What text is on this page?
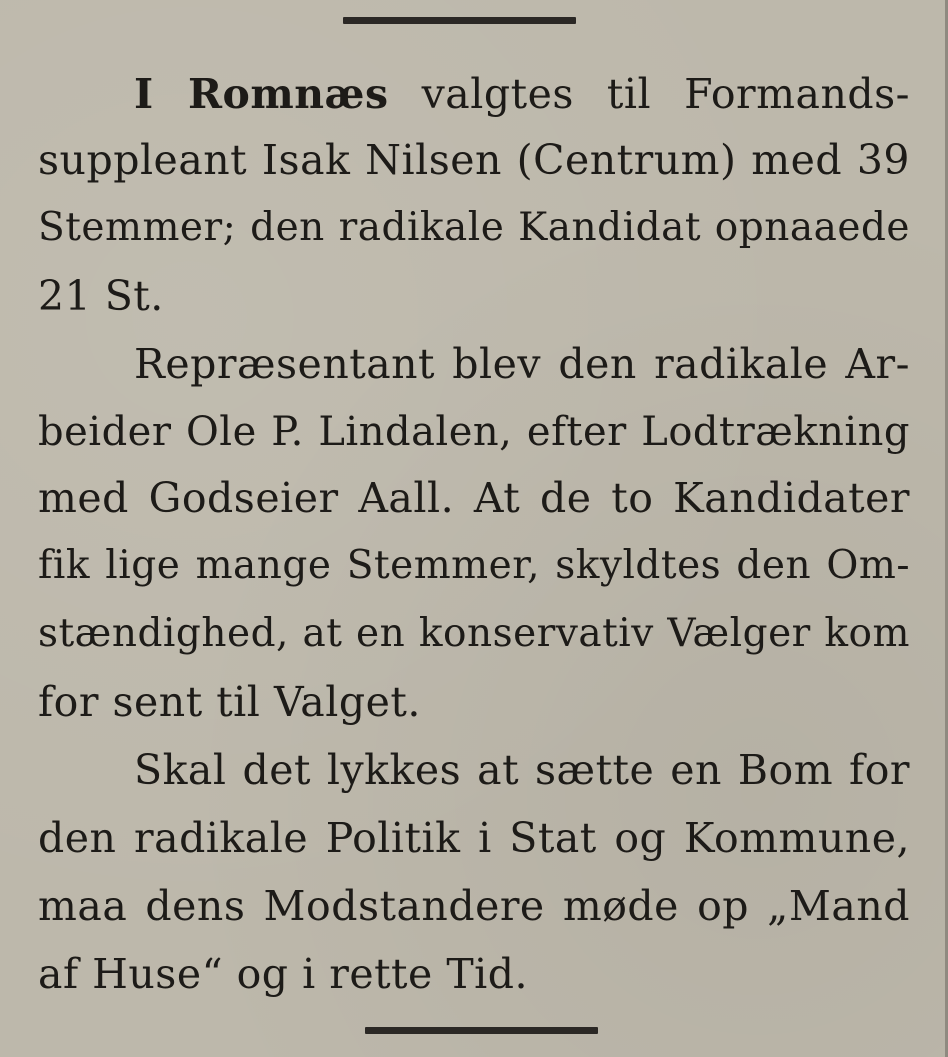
I Romnæs valgtes til Formands-
suppleant Isak Nilsen (Centrum) med 39
Stemmer; den radikale Kandidat opnaaede
21 St.
Repræsentant blev den radikale Ar-
beider Ole P. Lindalen, efter Lodtrækning
med Godseier Aall. At de to Kandidater
fik lige mange Stemmer, skyldtes den Om-
stændighed, at en konservativ Vælger kom
for sent til Valget.
Skal det lykkes at sætte en Bom for
den radikale Politik i Stat og Kommune,
maa dens Modstandere møde op „Mand
af Huse“ og i rette Tid.
